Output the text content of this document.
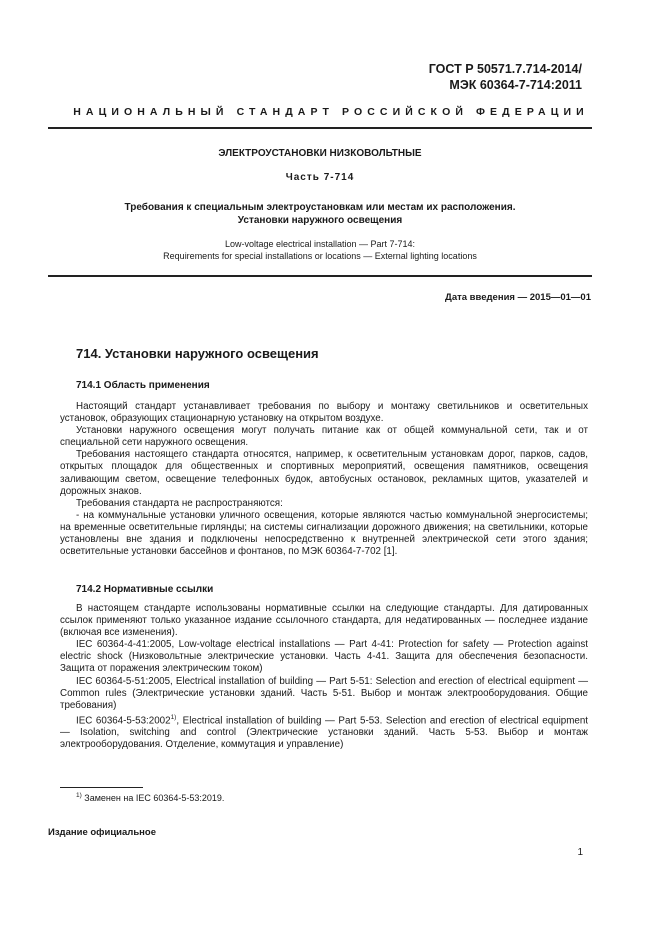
ГОСТ Р 50571.7.714-2014/
МЭК 60364-7-714:2011
НАЦИОНАЛЬНЫЙ СТАНДАРТ РОССИЙСКОЙ ФЕДЕРАЦИИ
ЭЛЕКТРОУСТАНОВКИ НИЗКОВОЛЬТНЫЕ
Часть 7-714
Требования к специальным электроустановкам или местам их расположения.
Установки наружного освещения
Low-voltage electrical installation — Part 7-714:
Requirements for special installations or locations — External lighting locations
Дата введения — 2015—01—01
714. Установки наружного освещения
714.1 Область применения

Настоящий стандарт устанавливает требования по выбору и монтажу светильников и осветительных установок, образующих стационарную установку на открытом воздухе.

Установки наружного освещения могут получать питание как от общей коммунальной сети, так и от специальной сети наружного освещения.

Требования настоящего стандарта относятся, например, к осветительным установкам дорог, парков, садов, открытых площадок для общественных и спортивных мероприятий, освещения памятников, освещения заливающим светом, освещение телефонных будок, автобусных остановок, рекламных щитов, указателей и дорожных знаков.

Требования стандарта не распространяются:

- на коммунальные установки уличного освещения, которые являются частью коммунальной энергосистемы; на временные осветительные гирлянды; на системы сигнализации дорожного движения; на светильники, которые установлены вне здания и подключены непосредственно к внутренней электрической сети этого здания; осветительные установки бассейнов и фонтанов, по МЭК 60364-7-702 [1].

714.2 Нормативные ссылки

В настоящем стандарте использованы нормативные ссылки на следующие стандарты. Для датированных ссылок применяют только указанное издание ссылочного стандарта, для недатированных — последнее издание (включая все изменения).

IEC 60364-4-41:2005, Low-voltage electrical installations — Part 4-41: Protection for safety — Protection against electric shock (Низковольтные электрические установки. Часть 4-41. Защита для обеспечения безопасности. Защита от поражения электрическим током)

IEC 60364-5-51:2005, Electrical installation of building — Part 5-51: Selection and erection of electrical equipment — Common rules (Электрические установки зданий. Часть 5-51. Выбор и монтаж электрооборудования. Общие требования)

IEC 60364-5-53:2002$^{1)}$, Electrical installation of building — Part 5-53. Selection and erection of electrical equipment — Isolation, switching and control (Электрические установки зданий. Часть 5-53. Выбор и монтаж электрооборудования. Отделение, коммутация и управление)

$^{1)}$ Заменен на IEC 60364-5-53:2019.
Издание официальное
1
